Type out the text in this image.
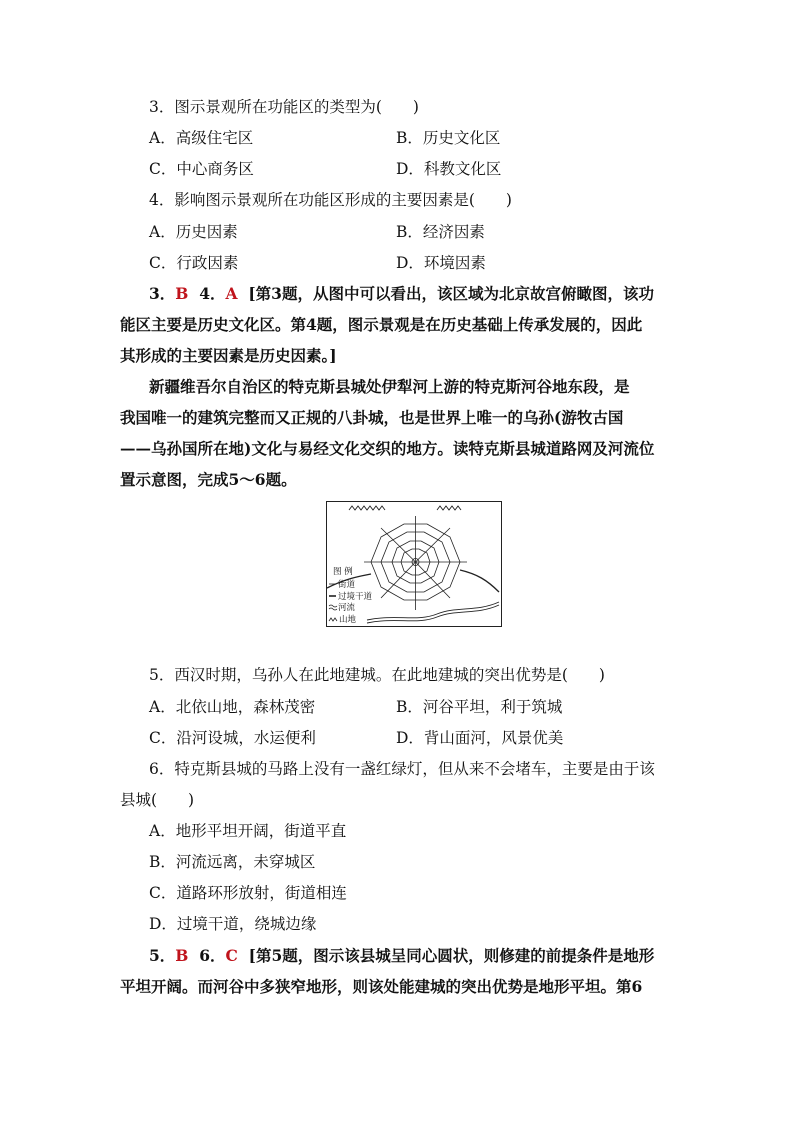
3．图示景观所在功能区的类型为(　　)
A．高级住宅区	B．历史文化区
C．中心商务区	D．科教文化区
4．影响图示景观所在功能区形成的主要因素是(　　)
A．历史因素	B．经济因素
C．行政因素	D．环境因素
3．B 4．A [第3题，从图中可以看出，该区域为北京故宫俯瞰图，该功
能区主要是历史文化区。第4题，图示景观是在历史基础上传承发展的，因此
其形成的主要因素是历史因素。]
新疆维吾尔自治区的特克斯县城处伊犁河上游的特克斯河谷地东段，是
我国唯一的建筑完整而又正规的八卦城，也是世界上唯一的乌孙(游牧古国
——乌孙国所在地)文化与易经文化交织的地方。读特克斯县城道路网及河流位
置示意图，完成5～6题。
图 例
街道
过境干道
河流
山地
5．西汉时期，乌孙人在此地建城。在此地建城的突出优势是(　　)
A．北依山地，森林茂密	B．河谷平坦，利于筑城
C．沿河设城，水运便利	D．背山面河，风景优美
6．特克斯县城的马路上没有一盏红绿灯，但从来不会堵车，主要是由于该
县城(　　)
A．地形平坦开阔，街道平直
B．河流远离，未穿城区
C．道路环形放射，街道相连
D．过境干道，绕城边缘
5．B 6．C [第5题，图示该县城呈同心圆状，则修建的前提条件是地形
平坦开阔。而河谷中多狭窄地形，则该处能建城的突出优势是地形平坦。第6
